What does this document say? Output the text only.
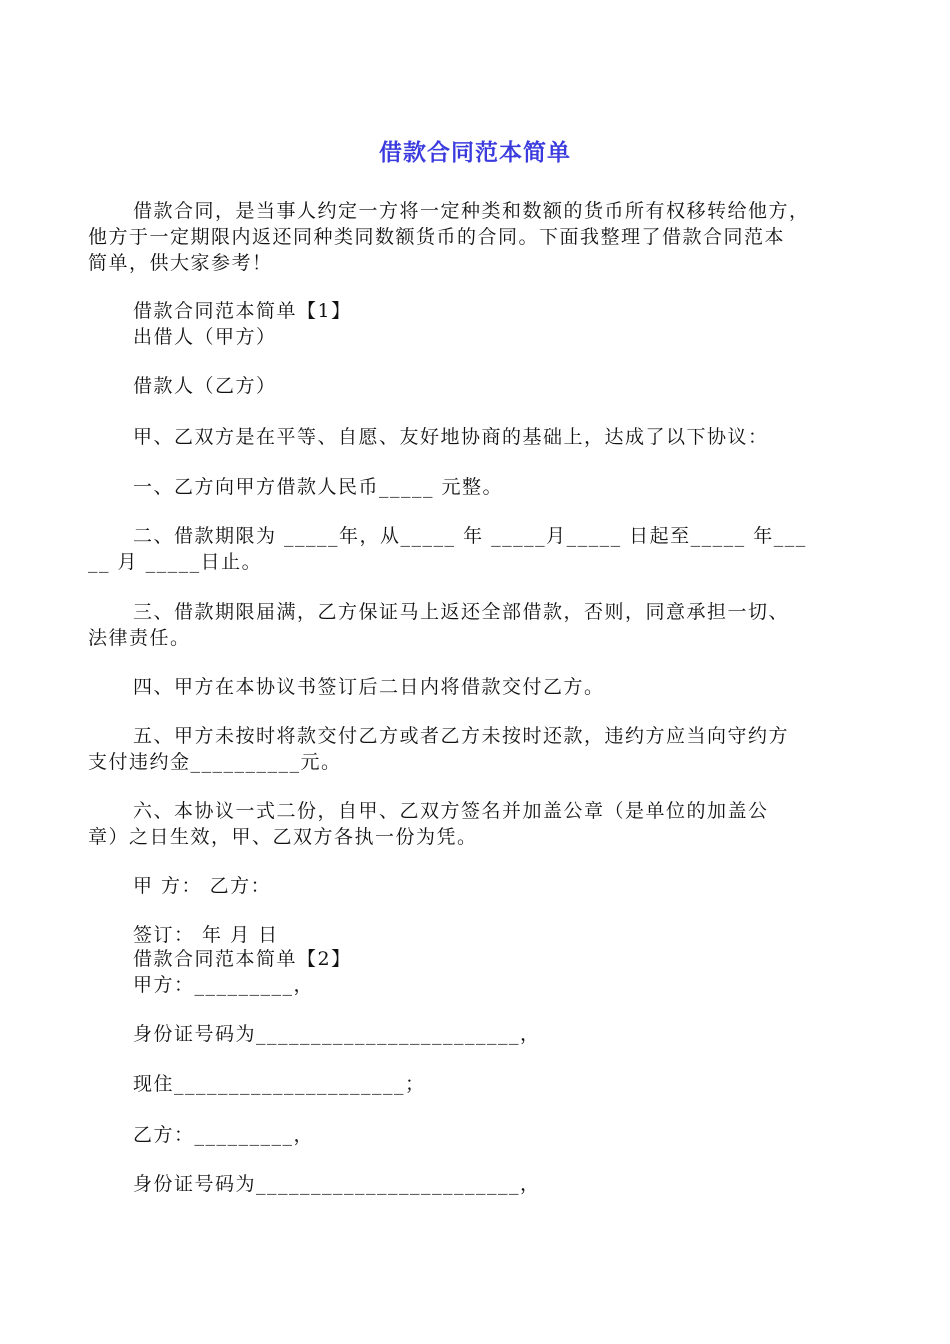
借款合同范本简单
借款合同，是当事人约定一方将一定种类和数额的货币所有权移转给他方，
他方于一定期限内返还同种类同数额货币的合同。下面我整理了借款合同范本
简单，供大家参考！
借款合同范本简单【1】
出借人（甲方）
借款人（乙方）
甲、乙双方是在平等、自愿、友好地协商的基础上，达成了以下协议：
一、乙方向甲方借款人民币_____ 元整。
二、借款期限为 _____年，从_____ 年 _____月_____ 日起至_____ 年___
__ 月 _____日止。
三、借款期限届满，乙方保证马上返还全部借款，否则，同意承担一切、
法律责任。
四、甲方在本协议书签订后二日内将借款交付乙方。
五、甲方未按时将款交付乙方或者乙方未按时还款，违约方应当向守约方
支付违约金__________元。
六、本协议一式二份，自甲、乙双方签名并加盖公章（是单位的加盖公
章）之日生效，甲、乙双方各执一份为凭。
甲 方： 乙方：
签订： 年 月 日
借款合同范本简单【2】
甲方：_________，
身份证号码为________________________，
现住_____________________；
乙方：_________，
身份证号码为________________________，
